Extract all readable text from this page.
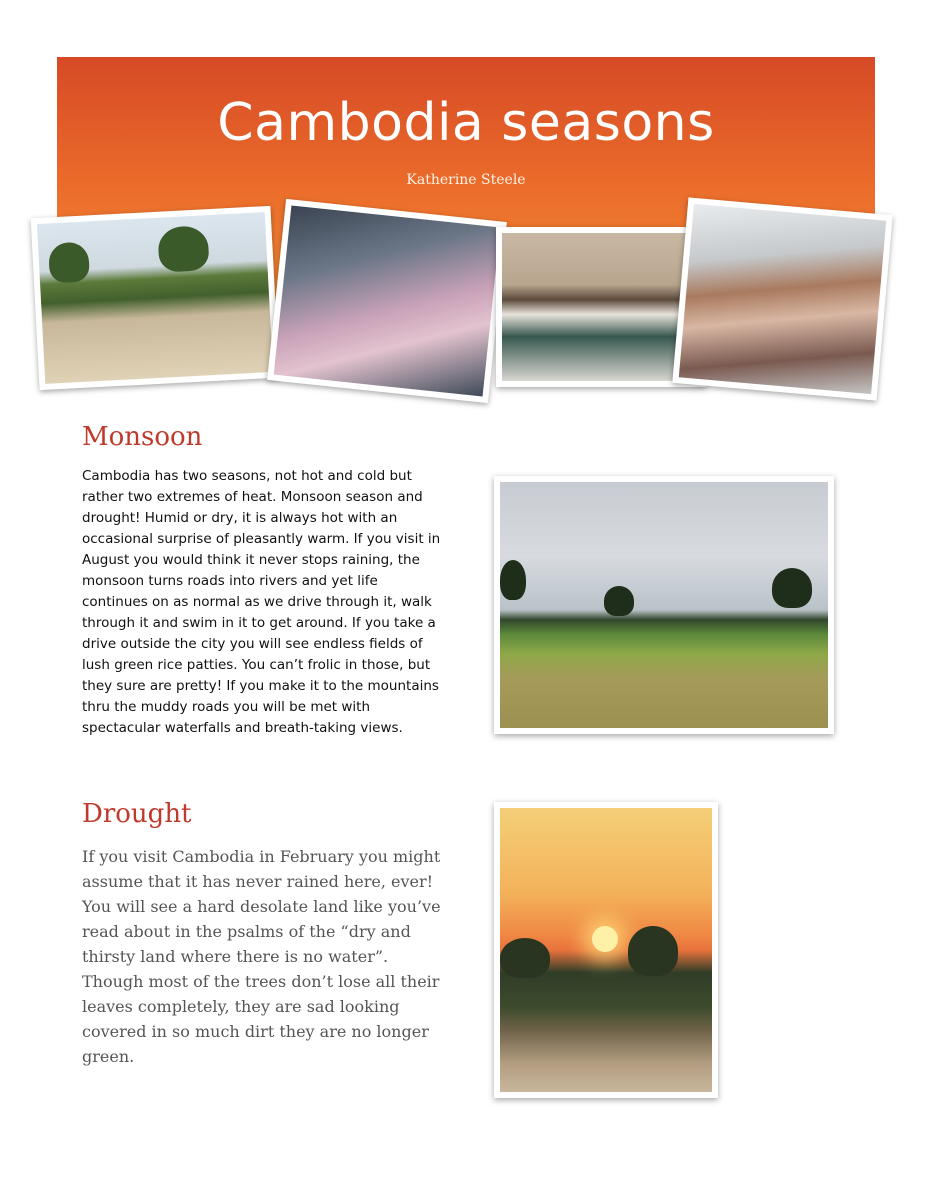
Cambodia seasons
Katherine Steele
Monsoon

Cambodia has two seasons, not hot and cold but rather two extremes of heat. Monsoon season and drought! Humid or dry, it is always hot with an occasional surprise of pleasantly warm. If you visit in August you would think it never stops raining, the monsoon turns roads into rivers and yet life continues on as normal as we drive through it, walk through it and swim in it to get around. If you take a drive outside the city you will see endless fields of lush green rice patties. You can’t frolic in those, but they sure are pretty! If you make it to the mountains thru the muddy roads you will be met with spectacular waterfalls and breath-taking views.

Drought

If you visit Cambodia in February you might assume that it has never rained here, ever! You will see a hard desolate land like you’ve read about in the psalms of the “dry and thirsty land where there is no water”. Though most of the trees don’t lose all their leaves completely, they are sad looking covered in so much dirt they are no longer green.
